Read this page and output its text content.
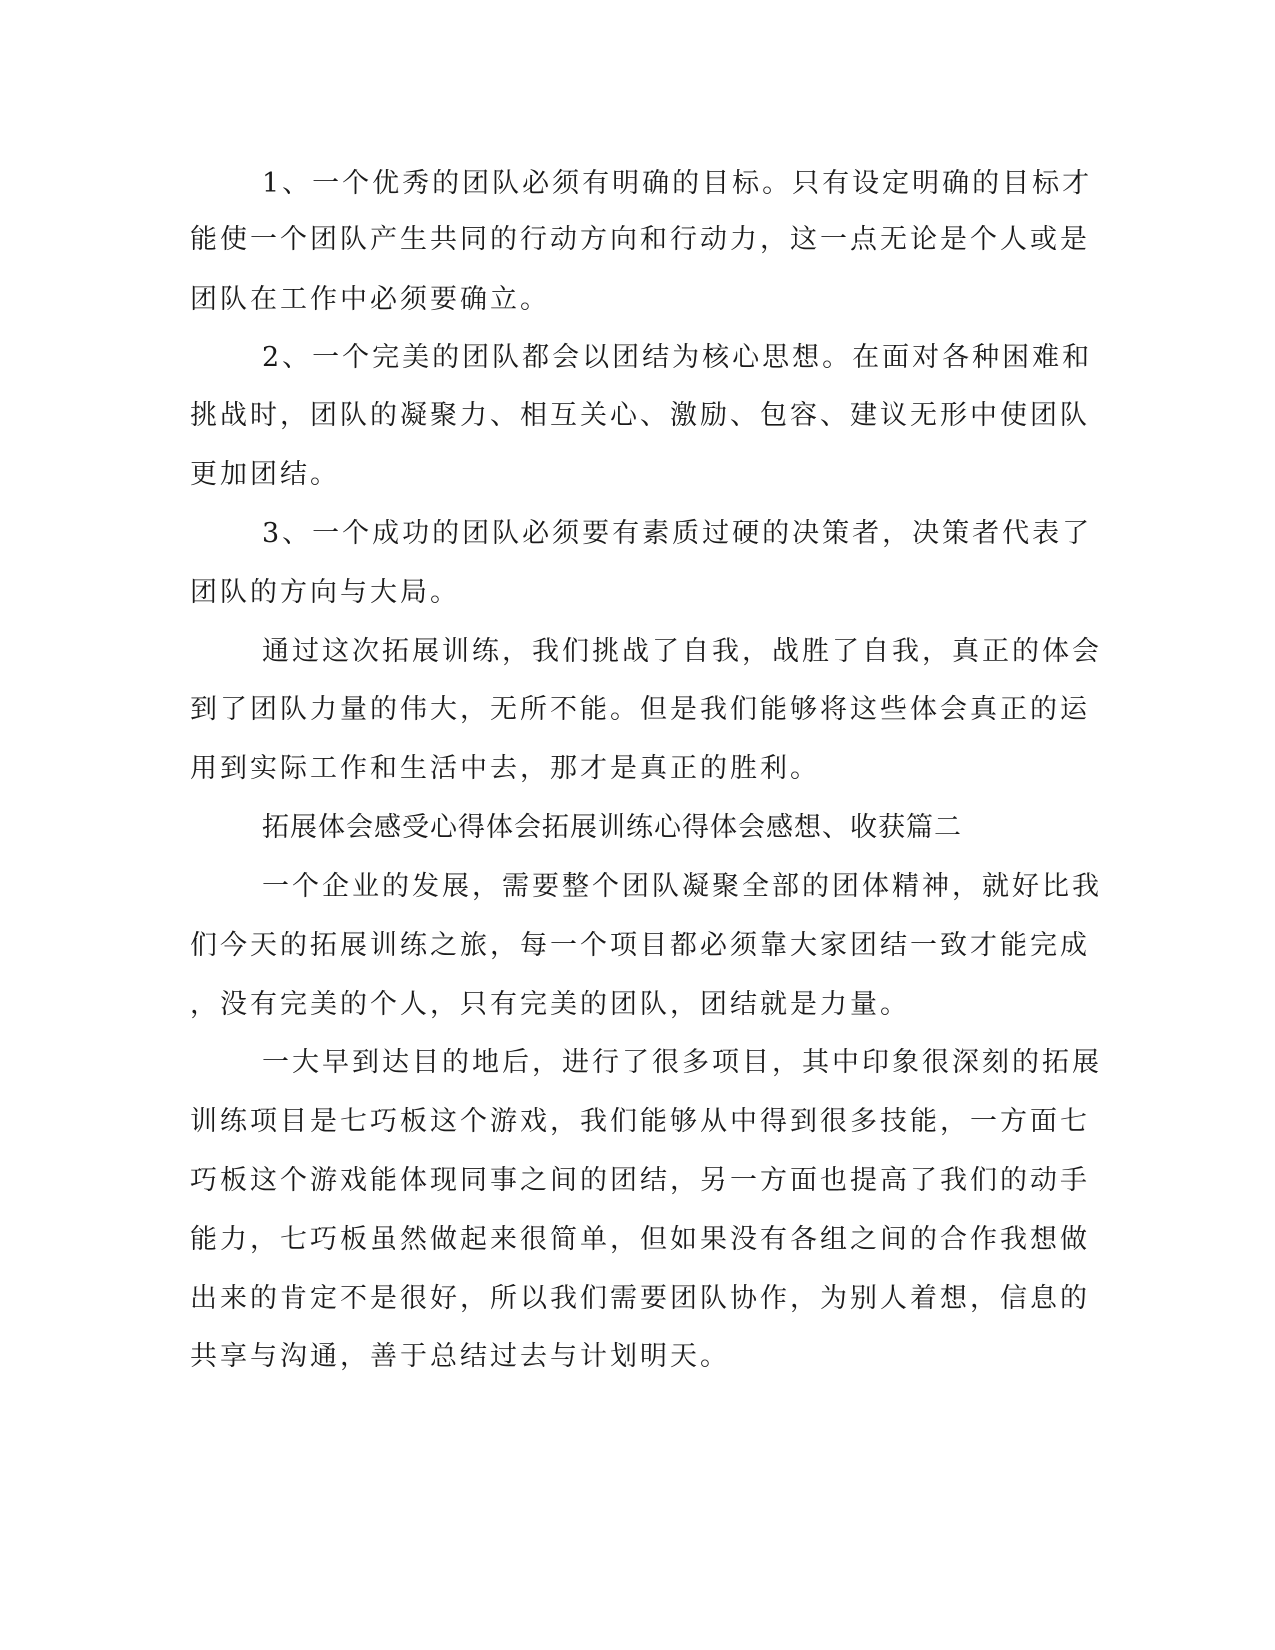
1、一个优秀的团队必须有明确的目标。只有设定明确的目标才
能使一个团队产生共同的行动方向和行动力，这一点无论是个人或是
团队在工作中必须要确立。
2、一个完美的团队都会以团结为核心思想。在面对各种困难和
挑战时，团队的凝聚力、相互关心、激励、包容、建议无形中使团队
更加团结。
3、一个成功的团队必须要有素质过硬的决策者，决策者代表了
团队的方向与大局。
通过这次拓展训练，我们挑战了自我，战胜了自我，真正的体会
到了团队力量的伟大，无所不能。但是我们能够将这些体会真正的运
用到实际工作和生活中去，那才是真正的胜利。
拓展体会感受心得体会拓展训练心得体会感想、收获篇二
一个企业的发展，需要整个团队凝聚全部的团体精神，就好比我
们今天的拓展训练之旅，每一个项目都必须靠大家团结一致才能完成
，没有完美的个人，只有完美的团队，团结就是力量。
一大早到达目的地后，进行了很多项目，其中印象很深刻的拓展
训练项目是七巧板这个游戏，我们能够从中得到很多技能，一方面七
巧板这个游戏能体现同事之间的团结，另一方面也提高了我们的动手
能力，七巧板虽然做起来很简单，但如果没有各组之间的合作我想做
出来的肯定不是很好，所以我们需要团队协作，为别人着想，信息的
共享与沟通，善于总结过去与计划明天。
